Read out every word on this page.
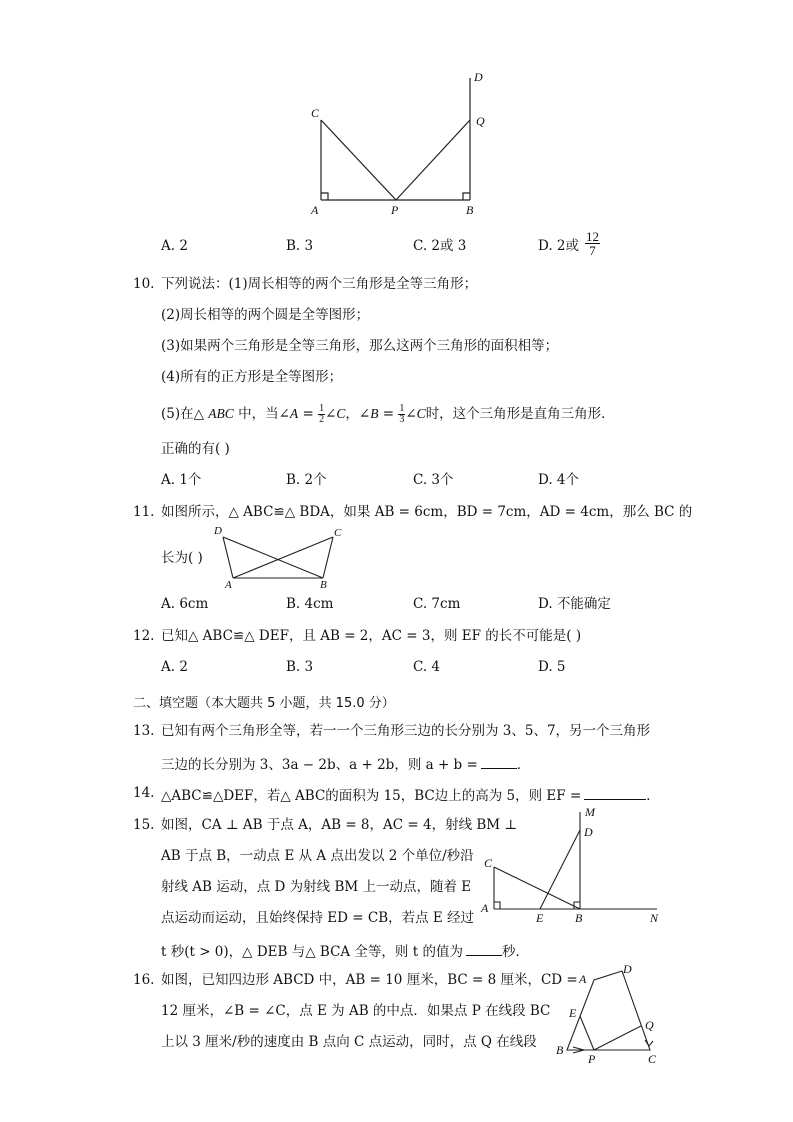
D
C
Q
A	P	B
A. 2	B. 3	C. 2或 3	D. 2或 $\frac{12}{7}$
10. 下列说法：(1)周长相等的两个三角形是全等三角形；
(2)周长相等的两个圆是全等图形；
(3)如果两个三角形是全等三角形，那么这两个三角形的面积相等；
(4)所有的正方形是全等图形；
(5)在△ ABC 中，当∠A = $\frac{1}{2}$ ∠C，∠B = $\frac{1}{3}$ ∠C时，这个三角形是直角三角形．
正确的有( )
A. 1个	B. 2个	C. 3个	D. 4个
11. 如图所示，△ ABC≌△ BDA，如果 AB = 6cm，BD = 7cm，AD = 4cm，那么 BC 的
长为( )
D	C
A	B
A. 6cm	B. 4cm	C. 7cm	D. 不能确定
12. 已知△ ABC≌△ DEF，且 AB = 2，AC = 3，则 EF 的长不可能是( )
A. 2	B. 3	C. 4	D. 5
二、填空题（本大题共 5 小题，共 15.0 分）
13. 已知有两个三角形全等，若一一个三角形三边的长分别为 3、5、7，另一个三角形
三边的长分别为 3、3a − 2b、a + 2b，则 a + b =	．
14. △ABC≌△DEF，若△ ABC的面积为 15，BC边上的高为 5，则 EF =	．
15. 如图，CA ⊥ AB 于点 A，AB = 8，AC = 4，射线 BM ⊥
AB 于点 B，一动点 E 从 A 点出发以 2 个单位/秒沿
射线 AB 运动，点 D 为射线 BM 上一动点，随着 E
点运动而运动，且始终保持 ED = CB，若点 E 经过
t 秒(t > 0)，△ DEB 与△ BCA 全等，则 t 的值为	秒．
M
D
C
A
E	B	N
16. 如图，已知四边形 ABCD 中，AB = 10 厘米，BC = 8 厘米，CD =
12 厘米，∠B = ∠C，点 E 为 AB 的中点．如果点 P 在线段 BC
上以 3 厘米/秒的速度由 B 点向 C 点运动，同时，点 Q 在线段
A
D
E
Q
B
P	C
